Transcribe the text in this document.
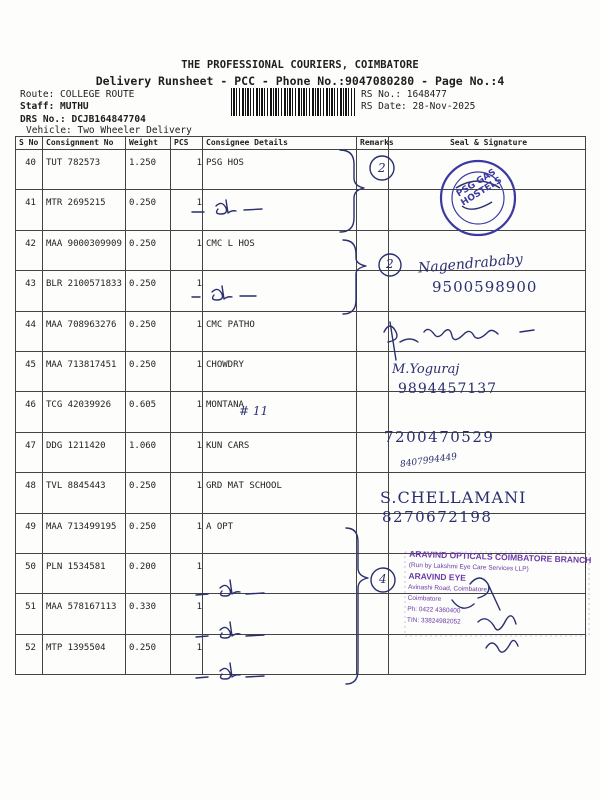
THE PROFESSIONAL COURIERS, COIMBATORE
Delivery Runsheet - PCC - Phone No.:9047080280 - Page No.:4
Route: COLLEGE ROUTE
Staff: MUTHU
DRS No.: DCJB164847704
Vehicle: Two Wheeler Delivery
RS No.: 1648477
RS Date: 28-Nov-2025
S No	Consignment No	Weight	PCS	Consignee Details	Remarks	Seal & Signature
40	TUT 782573	1.250	1	PSG HOS		
41	MTR 2695215	0.250	1			
42	MAA 9000309909	0.250	1	CMC L HOS		
43	BLR 2100571833	0.250	1			
44	MAA 708963276	0.250	1	CMC PATHO		
45	MAA 713817451	0.250	1	CHOWDRY		
46	TCG 42039926	0.605	1	MONTANA		
47	DDG 1211420	1.060	1	KUN CARS		
48	TVL 8845443	0.250	1	GRD MAT SCHOOL		
49	MAA 713499195	0.250	1	A OPT		
50	PLN 1534581	0.200	1			
51	MAA 578167113	0.330	1			
52	MTP 1395504	0.250	1			
# 11
2
2
4
PSG GAS HOSTELS
Nagendrababy
9500598900
M.Yoguraj
9894457137
7200470529
8407994449
S.CHELLAMANI
8270672198
ARAVIND OPTICALS COIMBATORE BRANCH
(Run by Lakshmi Eye Care Services LLP)
ARAVIND EYE
Avinashi Road, Coimbatore
Coimbatore
Ph: 0422 4360400
TIN: 33824982052
